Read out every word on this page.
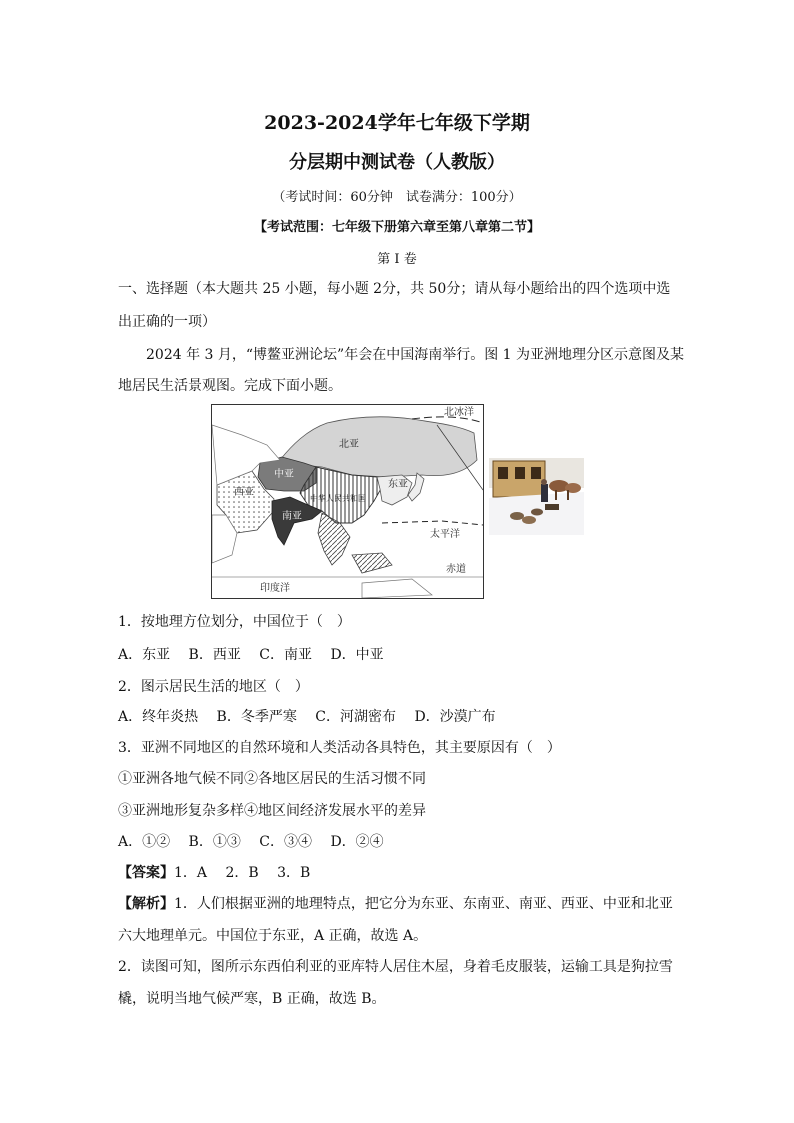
2023-2024学年七年级下学期
分层期中测试卷（人教版）
（考试时间：60分钟　试卷满分：100分）
【考试范围：七年级下册第六章至第八章第二节】
第 I 卷
一、选择题（本大题共 25 小题，每小题 2分，共 50分；请从每小题给出的四个选项中选
出正确的一项）
2024 年 3 月，“博鳌亚洲论坛”年会在中国海南举行。图 1 为亚洲地理分区示意图及某
地居民生活景观图。完成下面小题。
北冰洋
北亚
中亚
西亚
东亚
中华人民共和国
南亚
太平洋
赤道
印度洋
1．按地理方位划分，中国位于（　）
A．东亚　 B．西亚　 C．南亚　 D．中亚
2．图示居民生活的地区（　）
A．终年炎热　 B．冬季严寒　 C．河湖密布　 D．沙漠广布
3．亚洲不同地区的自然环境和人类活动各具特色，其主要原因有（　）
①亚洲各地气候不同②各地区居民的生活习惯不同
③亚洲地形复杂多样④地区间经济发展水平的差异
A．①②　 B．①③　 C．③④　 D．②④
【答案】1．A　 2．B　 3．B
【解析】1．人们根据亚洲的地理特点，把它分为东亚、东南亚、南亚、西亚、中亚和北亚
六大地理单元。中国位于东亚，A 正确，故选 A。
2．读图可知，图所示东西伯利亚的亚库特人居住木屋，身着毛皮服装，运输工具是狗拉雪
橇，说明当地气候严寒，B 正确，故选 B。
